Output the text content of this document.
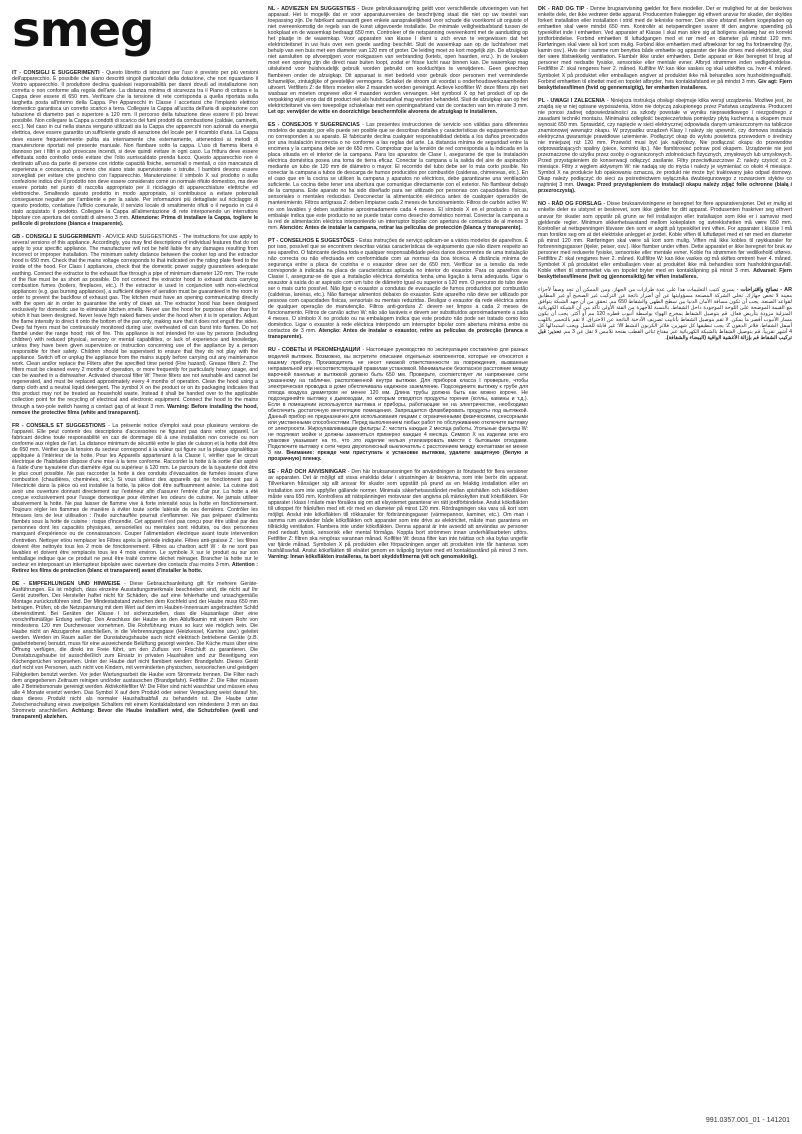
smeg
IT - CONSIGLI E SUGGERIMENTI - Questo libretto di istruzioni per l'uso è previsto per più versioni dell'apparecchio. È possibile che siano descritti singoli particolari della dotazione, che non riguardano il Vostro apparecchio. Il produttore declina qualsiasi responsabilità per danni dovuti ad installazione non corretta o non conforme alla regola dell'arte. La distanza minima di sicurezza tra il Piano di cottura e la Cappa deve essere di 650 mm. Verificare che la tensione di rete corrisponda a quella riportata sulla targhetta posta all'interno della Cappa. Per Apparecchi in Classe I accertarsi che l'impianto elettrico domestico garantisca un corretto scarico a terra. Collegare la Cappa all'uscita dell'aria di aspirazione con tubazione di diametro pari o superiore a 120 mm. Il percorso della tubazione deve essere il più breve possibile. Non collegare la Cappa a condotti di scarico dei fumi prodotti da combustione (caldaie, caminetti, ecc.). Nel caso in cui nella stanza vengano utilizzati sia la Cappa che apparecchi non azionati da energia elettrica, deve essere garantito un sufficiente grado di aerazione del locale per il ricambio d'aria. La Cappa deve essere frequentemente pulita sia internamente che esternamente, attenendosi ai metodi di manutenzione riportati nel presente manuale. Non flambare sotto la cappa. L'uso di fiamma libera è dannoso per i filtri e può provocare incendi, si deve quindi evitare in ogni caso. La frittura deve essere effettuata sotto controllo onde evitare che l'olio surriscaldato prenda fuoco. Questo apparecchio non è destinato all'uso da parte di persone con ridotte capacità fisiche, sensoriali o mentali, o con mancanza di esperienza e conoscenza, a meno che siano state supervisionate o istruite. I bambini devono essere sorvegliati per evitare che giochino con l'apparecchio. Manutenzione: il simbolo X sul prodotto o sulla confezione indica che il prodotto non deve essere considerato come un normale rifiuto domestico, ma deve essere portato nel punto di raccolta appropriato per il riciclaggio di apparecchiature elettriche ed elettroniche. Smaltendo questo prodotto in modo appropriato, si contribuisce a evitare potenziali conseguenze negative per l'ambiente e per la salute. Per informazioni più dettagliate sul riciclaggio di questo prodotto, contattare l'ufficio comunale, il servizio locale di smaltimento rifiuti o il negozio in cui è stato acquistato il prodotto. Collegare la Cappa all'alimentazione di rete interponendo un interruttore bipolare con apertura dei contatti di almeno 3 mm. Attenzione: Prima di installare la Cappa, togliere le pellicole di protezione (bianca e trasparente).
GB - CONSIGLI E SUGGERIMENTI - ADVICE AND SUGGESTIONS - The instructions for use apply to several versions of this appliance. Accordingly, you may find descriptions of individual features that do not apply to your specific appliance. The manufacturer will not be held liable for any damages resulting from incorrect or improper installation. The minimum safety distance between the cooker top and the extractor hood is 650 mm. Check that the mains voltage corresponds to that indicated on the rating plate fixed to the inside of the hood. For Class I appliances, check that the domestic power supply guarantees adequate earthing. Connect the extractor to the exhaust flue through a pipe of minimum diameter 120 mm. The route of the flue must be as short as possible. Do not connect the extractor hood to exhaust ducts carrying combustion fumes (boilers, fireplaces, etc.). If the extractor is used in conjunction with non-electrical appliances (e.g. gas burning appliances), a sufficient degree of aeration must be guaranteed in the room in order to prevent the backflow of exhaust gas. The kitchen must have an opening communicating directly with the open air in order to guarantee the entry of clean air. The extractor hood has been designed exclusively for domestic use to eliminate kitchen smells. Never use the hood for purposes other than for which it has been designed. Never leave high naked flames under the hood when it is in operation. Adjust the flame intensity to direct it onto the bottom of the pan only, making sure that it does not engulf the sides. Deep fat fryers must be continuously monitored during use: overheated oil can burst into flames. Do not flambé under the range hood; risk of fire. This appliance is not intended for use by persons (including children) with reduced physical, sensory or mental capabilities, or lack of experience and knowledge, unless they have been given supervision or instruction concerning use of the appliance by a person responsible for their safety. Children should be supervised to ensure that they do not play with the appliance. Switch off or unplug the appliance from the mains supply before carrying out any maintenance work. Clean and/or replace the Filters after the specified time period (Fire hazard). Grease filters Z: The filters must be cleaned every 2 months of operation, or more frequently for particularly heavy usage, and can be washed in a dishwasher. Activated charcoal filter W: These filters are not washable and cannot be regenerated, and must be replaced approximately every 4 months of operation. Clean the hood using a damp cloth and a neutral liquid detergent. The symbol X on the product or on its packaging indicates that this product may not be treated as household waste. Instead it shall be handed over to the applicable collection point for the recycling of electrical and electronic equipment. Connect the hood to the mains through a two-pole switch having a contact gap of at least 3 mm. Warning: Before installing the hood, remove the protective films (white and transparent).
FR - CONSEILS ET SUGGESTIONS - La présente notice d'emploi vaut pour plusieurs versions de l'appareil. Elle peut contenir des descriptions d'accessoires ne figurant pas dans votre appareil. Le fabricant décline toute responsabilité en cas de dommage dû à une installation non correcte ou non conforme aux règles de l'art. La distance minimum de sécurité entre le plan de cuisson et la hotte doit être de 650 mm. Vérifier que la tension du secteur correspond à la valeur qui figure sur la plaque signalétique appliquée à l'intérieur de la hotte. Pour les Appareils appartenant à la Classe I, vérifier que le circuit électrique de l'habitation dispose d'une mise à la terre conforme. Raccorder la hotte à la sortie d'air aspiré à l'aide d'une tuyauterie d'un diamètre égal ou supérieur à 120 mm. Le parcours de la tuyauterie doit être le plus court possible. Ne pas raccorder la hotte à des conduits d'évacuation de fumées issues d'une combustion (chaudières, cheminées, etc.). Si vous utilisez des appareils qui ne fonctionnent pas à l'électricité dans la pièce où est installée la hotte, la pièce doit être suffisamment aérée. La cuisine doit avoir une ouverture donnant directement sur l'extérieur afin d'assurer l'entrée d'air pur. La hotte a été conçue exclusivement pour l'usage domestique pour éliminer les odeurs de cuisine. Ne jamais utiliser abusivement la hotte. Ne pas laisser de flamme vive à forte intensité sous la hotte en fonctionnement. Toujours régler les flammes de manière à éviter toute sortie latérale de ces dernières. Contrôler les friteuses lors de leur utilisation : l'huile surchauffée pourrait s'enflammer. Ne pas préparer d'aliments flambés sous la hotte de cuisine : risque d'incendie. Cet appareil n'est pas conçu pour être utilisé par des personnes dont les capacités physiques, sensorielles ou mentales sont réduites, ou des personnes manquant d'expérience ou de connaissances. Couper l'alimentation électrique avant toute intervention d'entretien. Nettoyer et/ou remplacer les Filtres après la période indiquée. Filtres anti-graisse Z : les filtres doivent être nettoyés tous les 2 mois de fonctionnement. Filtres au charbon actif W : ils ne sont pas lavables et doivent être remplacés tous les 4 mois environ. Le symbole X sur le produit ou sur son emballage indique que ce produit ne peut être traité comme déchet ménager. Brancher la hotte sur le secteur en interposant un interrupteur bipolaire avec ouverture des contacts d'au moins 3 mm. Attention : Retirez les films de protection (blanc et transparent) avant d'installer la hotte.
DE - EMPFEHLUNGEN UND HINWEISE - Diese Gebrauchsanleitung gilt für mehrere Geräte-Ausführungen. Es ist möglich, dass einzelne Ausstattungsmerkmale beschrieben sind, die nicht auf Ihr Gerät zutreffen. Der Hersteller haftet nicht für Schäden, die auf eine fehlerhafte und unsachgemäße Montage zurückzuführen sind. Der Mindestabstand zwischen dem Kochfeld und der Haube muss 650 mm betragen. Prüfen, ob die Netzspannung mit dem Wert auf dem im Hauben-Innenraum angebrachten Schild übereinstimmt. Bei Geräten der Klasse I ist sicherzustellen, dass die Hausanlage über eine vorschriftsmäßige Erdung verfügt. Den Anschluss der Haube an den Abluftkamin mit einem Rohr von mindestens 120 mm Durchmesser vornehmen. Die Rohrführung muss so kurz wie möglich sein. Die Haube nicht an Abzugsrohre anschließen, in die Verbrennungsgase (Heizkessel, Kamine usw.) geleitet werden. Werden im Raum außer der Dunstabzugshaube auch nicht elektrisch betriebene Geräte (z.B. gasbetriebene) benutzt, muss für eine ausreichende Belüftung gesorgt werden. Die Küche muss über eine Öffnung verfügen, die direkt ins Freie führt, um den Zufluss von Frischluft zu garantieren. Die Dunstabzugshaube ist ausschließlich zum Einsatz in privaten Haushalten und zur Beseitigung von Küchengerüchen vorgesehen. Unter der Haube darf nicht flambiert werden: Brandgefahr. Dieses Gerät darf nicht von Personen, auch nicht von Kindern, mit verminderten physischen, sensorischen und geistigen Fähigkeiten benutzt werden. Vor jeder Wartungsarbeit die Haube vom Stromnetz trennen. Die Filter nach dem angegebenen Zeitraum reinigen und/oder austauschen (Brandgefahr). Fettfilter Z: Die Filter müssen alle 2 Betriebsmonate gereinigt werden. Aktivkohlefilter W: Die Filter sind nicht waschbar und müssen etwa alle 4 Monate ersetzt werden. Das Symbol X auf dem Produkt oder seiner Verpackung weist darauf hin, dass dieses Produkt nicht als normaler Haushaltsabfall zu behandeln ist. Die Haube unter Zwischenschaltung eines zweipoligen Schalters mit einem Kontaktabstand von mindestens 3 mm an das Stromnetz anschließen. Achtung: Bevor die Haube installiert wird, die Schutzfolien (weiß und transparent) abziehen.
NL - ADVIEZEN EN SUGGESTIES - Deze gebruiksaanwijzing geldt voor verschillende uitvoeringen van het apparaat. Het is mogelijk dat er voor apparatuurversies de beschrijving staat die niet op uw toestel van toepassing zijn. De fabrikant aanvaardt geen enkele aansprakelijkheid voor schade die voortkomt uit onjuiste of niet overeenkomstig de regels van de kunst uitgevoerde installatie. De minimale veiligheidsafstand tussen de kookplaat en de wasemkap bedraagt 650 mm. Controleer of de netspanning overeenkomt met de aanduiding op het plaatje in de wasemkap. Voor apparaten van klasse I dient u zich ervan te vergewissen dat het elektriciteitsnet in uw huis over een goede aarding beschikt. Sluit de wasemkap aan op de luchtafvoer met behulp van een buis met een diameter van 120 mm of groter. De leiding moet zo kort mogelijk zijn. De afzuigkap niet aansluiten op afvoerpijpen voor rookgassen van verbranding (ketels, open haarden, enz.). In de keuken moet een opening zijn die direct naar buiten loopt, zodat er frisse lucht naar binnen kan. De wasemkap mag uitsluitend voor huishoudelijk gebruik worden gebruikt om kookluchtjes te verwijderen. Geen gerechten flamberen onder de afzuigkap. Dit apparaat is niet bedoeld voor gebruik door personen met verminderde lichamelijke, zintuiglijke of geestelijke vermogens. Schakel de stroom uit voordat u onderhoudswerkzaamheden uitvoert. Vetfilters Z: de filters moeten elke 2 maanden worden gereinigd. Actieve koolfilter W: deze filters zijn niet wasbaar en moeten ongeveer elke 4 maanden worden vervangen. Het symbool X op het product of op de verpakking wijst erop dat dit product niet als huishoudafval mag worden behandeld. Sluit de afzuigkap aan op het elektriciteitsnet via een tweepolige schakelaar met een openingsafstand van de contacten van ten minste 3 mm. Let op: verwijder de witte en doorzichtige beschermfolie alvorens de afzuigkap te installeren.
ES - CONSEJOS Y SUGERENCIAS - Las presentes instrucciones de servicio son válidas para diferentes modelos de aparato; por ello puede ser posible que se describan detalles y características de equipamiento que no corresponden a su aparato. El fabricante declina cualquier responsabilidad debida a los daños provocados por una instalación incorrecta o no conforme a las reglas del arte. La distancia mínima de seguridad entre la encimera y la campana debe ser de 650 mm. Comprobar que la tensión de red corresponda a la indicada en la placa situada en el interior de la campana. Para los aparatos de Clase I, asegurarse de que la instalación eléctrica doméstica posea una toma de tierra eficaz. Conectar la campana a la salida del aire de aspiración mediante un tubo de 120 mm de diámetro o mayor. El recorrido del tubo debe ser lo más corto posible. No conectar la campana a tubos de descarga de humos producidos por combustión (calderas, chimeneas, etc.). En el caso que en la cocina se utilicen la campana y aparatos no eléctricos, debe garantizarse una ventilación suficiente. La cocina debe tener una abertura que comunique directamente con el exterior. No flambear debajo de la campana. Este aparato no ha sido diseñado para ser utilizado por personas con capacidades físicas, sensoriales o mentales reducidas. Desconectar la alimentación eléctrica antes de cualquier operación de mantenimiento. Filtros antigrasa Z: deben limpiarse cada 2 meses de funcionamiento. Filtros de carbón activo W: no son lavables y deben sustituirse aproximadamente cada 4 meses. El símbolo X en el producto o en su embalaje indica que este producto no se puede tratar como desecho doméstico normal. Conectar la campana a la red de alimentación eléctrica interponiendo un interruptor bipolar con apertura de contactos de al menos 3 mm. Atención: Antes de instalar la campana, retirar las películas de protección (blanca y transparente).
PT - CONSELHOS E SUGESTÕES - Estas instruções de serviço aplicam-se a vários modelos de aparelhos. É por isso, possível que se encontrem descritas várias características de equipamento que não dizem respeito ao seu aparelho. O fabricante declina toda e qualquer responsabilidade pelos danos decorrentes de uma instalação não correcta ou não efectuada em conformidade com as normas da boa técnica. A distância mínima de segurança entre a placa de cozinha e o exaustor deve ser de 650 mm. Verificar se a tensão da rede corresponde à indicada na placa de características aplicada no interior do exaustor. Para os aparelhos da Classe I, assegurar-se de que a instalação eléctrica doméstica tenha uma ligação à terra adequada. Ligar o exaustor à saída do ar aspirado com um tubo de diâmetro igual ou superior a 120 mm. O percurso do tubo deve ser o mais curto possível. Não ligar o exaustor a condutas de evacuação de fumos produzidos por combustão (caldeiras, lareiras, etc.). Não flamejar alimentos debaixo do exaustor. Este aparelho não deve ser utilizado por pessoas com capacidades físicas, sensoriais ou mentais reduzidas. Desligar o exaustor da rede eléctrica antes de qualquer operação de manutenção. Filtros anti-gordura Z: devem ser limpos a cada 2 meses de funcionamento. Filtros de carvão activo W: não são laváveis e devem ser substituídos aproximadamente a cada 4 meses. O símbolo X no produto ou na embalagem indica que este produto não pode ser tratado como lixo doméstico. Ligar o exaustor à rede eléctrica interpondo um interruptor bipolar com abertura mínima entre os contactos de 3 mm. Atenção: Antes de instalar o exaustor, retire as películas de protecção (branca e transparente).
RU - СОВЕТЫ И РЕКОМЕНДАЦИИ - Настоящее руководство по эксплуатации составлено для разных моделей вытяжек. Возможно, вы встретите описание отдельных компонентов, которые не относятся к вашему прибору. Производитель не несет никакой ответственности за повреждения, вызванные неправильной или несоответствующей правилам установкой. Минимальное безопасное расстояние между варочной панелью и вытяжкой должно быть 650 мм. Проверьте, соответствует ли напряжение сети указанному на табличке, расположенной внутри вытяжки. Для приборов класса I проверьте, чтобы электрическая проводка в доме обеспечивала надежное заземление. Подсоедините вытяжку к трубе для отвода воздуха диаметром не менее 120 мм. Длина трубы должна быть как можно короче. Не подсоединяйте вытяжку к дымоходам, по которым отводятся продукты горения (котлы, камины и т.д.). Если в помещении используются вытяжка и приборы, работающие не на электричестве, необходимо обеспечить достаточную вентиляцию помещения. Запрещается фламбировать продукты под вытяжкой. Данный прибор не предназначен для использования лицами с ограниченными физическими, сенсорными или умственными способностями. Перед выполнением любых работ по обслуживанию отключите вытяжку от электросети. Жироулавливающие фильтры Z: чистить каждые 2 месяца работы. Угольные фильтры W: не подлежат мойке и должны заменяться примерно каждые 4 месяца. Символ X на изделии или его упаковке указывает на то, что это изделие нельзя утилизировать вместе с бытовыми отходами. Подключите вытяжку к сети через двухполюсный выключатель с расстоянием между контактами не менее 3 мм. Внимание: прежде чем приступать к установке вытяжки, удалите защитную (белую и прозрачную) пленку.
SE - RÅD OCH ANVISNINGAR - Den här bruksanvisningen för användningen är förutsedd för flera versioner av apparaten. Det är möjligt att vissa enskilda delar i utrustningen är beskrivna, som inte berör din apparat. Tillverkaren frånsäger sig allt ansvar för skador som uppstått på grund av en felaktig installation eller en installation som inte uppfyller gällande normer. Minimala säkerhetsavståndet mellan spishällen och köksfläkten måste vara 650 mm. Kontrollera att nätspänningen motsvarar den angivna på märkskylten inuti köksfläkten. För apparater i klass I måste man försäkra sig om att elsystemet garanterar en rätt jordförbindelse. Anslut köksfläkten till utloppet för frånluften med ett rör med en diameter på minst 120 mm. Rördragningen ska vara så kort som möjligt. Anslut inte köksfläkten till rökkanaler för förbränningsgaser (värmepannor, kaminer, etc.). Om man i samma rum använder både köksfläkten och apparater som inte drivs av elektricitet, måste man garantera en tillräcklig ventilation. Flambera inte under köksfläkten. Denna apparat är inte avsedd att användas av personer med nedsatt fysisk, sensorisk eller mental förmåga. Koppla bort strömmen innan underhållsarbeten utförs. Fettfilter Z: filtren ska rengöras varannan månad. Kolfilter W: dessa filter kan inte tvättas och ska bytas ungefär var fjärde månad. Symbolen X på produkten eller förpackningen anger att produkten inte får hanteras som hushållsavfall. Anslut köksfläkten till elnätet genom en tvåpolig brytare med ett kontaktavstånd på minst 3 mm. Varning: Innan köksfläkten installeras, ta bort skyddsfilmerna (vit och genomskinlig).
DK - RÅD OG TIP - Denne brugsanvisning gælder for flere modeller. Der er mulighed for at der beskrives enkelte dele, der ikke vedrører dette apparat. Producenten fralægger sig ethvert ansvar for skader, der skyldes forkert installation eller installation i strid med de tekniske normer. Den sikre afstand mellem kogepladen og emhætten skal være mindst 650 mm. Kontrollér at netspændingen svarer til den angivne spænding på typeskiltet inde i emhætten. Ved apparater af Klasse I skal man sikre sig at boligens elanlæg har en korrekt jordforbindelse. Forbind emhætten til luftudgangen med et rør med en diameter på mindst 120 mm. Rørføringen skal være så kort som mulig. Forbind ikke emhætten med aftræksrør for røg fra forbrænding (fyr, kamin osv.). Hvis der i samme rum benyttes både emhætte og apparater der ikke drives med elektricitet, skal der være tilstrækkelig ventilation. Flambér ikke under emhætten. Dette apparat er ikke beregnet til brug af personer med nedsatte fysiske, sensoriske eller mentale evner. Afbryd strømmen inden vedligeholdelse. Fedtfiltre Z: skal rengøres hver 2. måned. Kulfiltre W: kan ikke vaskes og skal udskiftes ca. hver 4. måned. Symbolet X på produktet eller emballagen angiver at produktet ikke må behandles som husholdningsaffald. Forbind emhætten til elnettet med en topolet afbryder, hvis kontaktafstand er på mindst 3 mm. Giv agt: Fjern beskyttelsesfilmen (hvid og gennemsigtig), før emhætten installeres.
PL - UWAGI I ZALECENIA - Niniejsza instrukcja obsługi obejmuje kilka wersji urządzenia. Możliwe jest, że znajdą się w niej opisane wyposażenia, które nie dotyczą zakupionego przez Państwa urządzenia. Producent nie ponosi żadnej odpowiedzialności za szkody powstałe w wyniku nieprawidłowego i niezgodnego z zasadami techniki montażu. Minimalna odległość bezpieczeństwa pomiędzy płytą kuchenną a okapem musi wynosić 650 mm. Sprawdzić, czy napięcie w sieci elektrycznej odpowiada danym umieszczonym na tabliczce znamionowej wewnątrz okapu. W przypadku urządzeń Klasy I należy się upewnić, czy domowa instalacja elektryczna gwarantuje prawidłowe uziemienie. Podłączyć okap do wylotu powietrza przewodem o średnicy nie mniejszej niż 120 mm. Przewód musi być jak najkrótszy. Nie podłączać okapu do przewodów odprowadzających spaliny (piece, kominki itp.). Nie flambirować potraw pod okapem. Urządzenie nie jest przeznaczone do użytku przez osoby o ograniczonych zdolnościach fizycznych, zmysłowych lub umysłowych. Przed przystąpieniem do konserwacji odłączyć zasilanie. Filtry przeciwtłuszczowe Z: należy czyścić co 2 miesiące. Filtry z węglem aktywnym W: nie nadają się do mycia i należy je wymieniać co około 4 miesiące. Symbol X na produkcie lub opakowaniu oznacza, że produkt nie może być traktowany jako odpad domowy. Okap należy podłączyć do sieci za pośrednictwem wyłącznika dwubiegunowego z rozwarciem styków co najmniej 3 mm. Uwaga: Przed przystąpieniem do instalacji okapu należy zdjąć folie ochronne (białą i przezroczystą).
NO - RÅD OG FORSLAG - Disse bruksanvisningene er beregnet for flere apparatversjoner. Det er mulig at enkelte deler av utstyret er beskrevet, som ikke gjelder for ditt apparat. Produsenten fraskriver seg ethvert ansvar for skader som oppstår på grunn av feil installasjon eller installasjon som ikke er i samsvar med gjeldende regler. Minimum sikkerhetsavstand mellom kokeplaten og avtrekkshetten må være 650 mm. Kontroller at nettspenningen tilsvarer den som er angitt på typeskiltet inni viften. For apparater i klasse I må man forsikre seg om at det elektriske anlegget er jordet. Koble viften til luftutløpet med et rør med en diameter på minst 120 mm. Rørføringen skal være så kort som mulig. Viften må ikke kobles til røykkanaler for forbrenningsgasser (kjeler, peiser, osv.). Ikke flamber under viften. Dette apparatet er ikke beregnet for bruk av personer med reduserte fysiske, sensoriske eller mentale evner. Koble fra strømmen før vedlikehold utføres. Fettfiltre Z: skal rengjøres hver 2. måned. Kullfiltre W: kan ikke vaskes og må skiftes omtrent hver 4. måned. Symbolet X på produktet eller emballasjen viser at produktet ikke må behandles som husholdningsavfall. Koble viften til strømnettet via en topolet bryter med en kontaktåpning på minst 3 mm. Advarsel: Fjern beskyttelsesfilmene (hvit og gjennomsiktig) før viften installeres.
AR - نصائح واقتراحات - يسري كتيب التعليمات هذا على عدة طرازات من الجهاز. ومن الممكن أن تجد وصفاً لأجزاء معينة لا تخص جهازك. تخلي الشركة المصنعة مسؤوليتها عن أي أضرار ناتجة عن التركيب غير الصحيح أو غير المطابق لقواعد الصنعة. يجب أن تكون مسافة الأمان الدنيا بين سطح الطهي والشفاط 650 مم. تحقق من أن جهد الشبكة يتوافق مع القيمة الموضحة على اللوحة الموجودة داخل الشفاط. بالنسبة للأجهزة من الفئة الأولى تأكد من أن الشبكة الكهربائية المنزلية مزودة بتأريض فعال. قم بتوصيل الشفاط بمخرج الهواء بواسطة أنبوب قطره 120 مم أو أكثر. يجب أن يكون مسار الأنبوب أقصر ما يمكن. لا تقم بتوصيل الشفاط بأنابيب تصريف الأدخنة الناتجة عن الاحتراق. لا تقم بالتحمير باللهب أسفل الشفاط. فلاتر الدهون Z: يجب تنظيفها كل شهرين. فلاتر الكربون النشط W: غير قابلة للغسل ويجب استبدالها كل 4 أشهر تقريباً. قم بتوصيل الشفاط بالشبكة الكهربائية عبر مفتاح ثنائي القطب بفتحة تلامس لا تقل عن 3 مم. تحذير: قبل تركيب الشفاط قم بإزالة الأغشية الواقية (البيضاء والشفافة).
991.0357.001_01 - 141201
